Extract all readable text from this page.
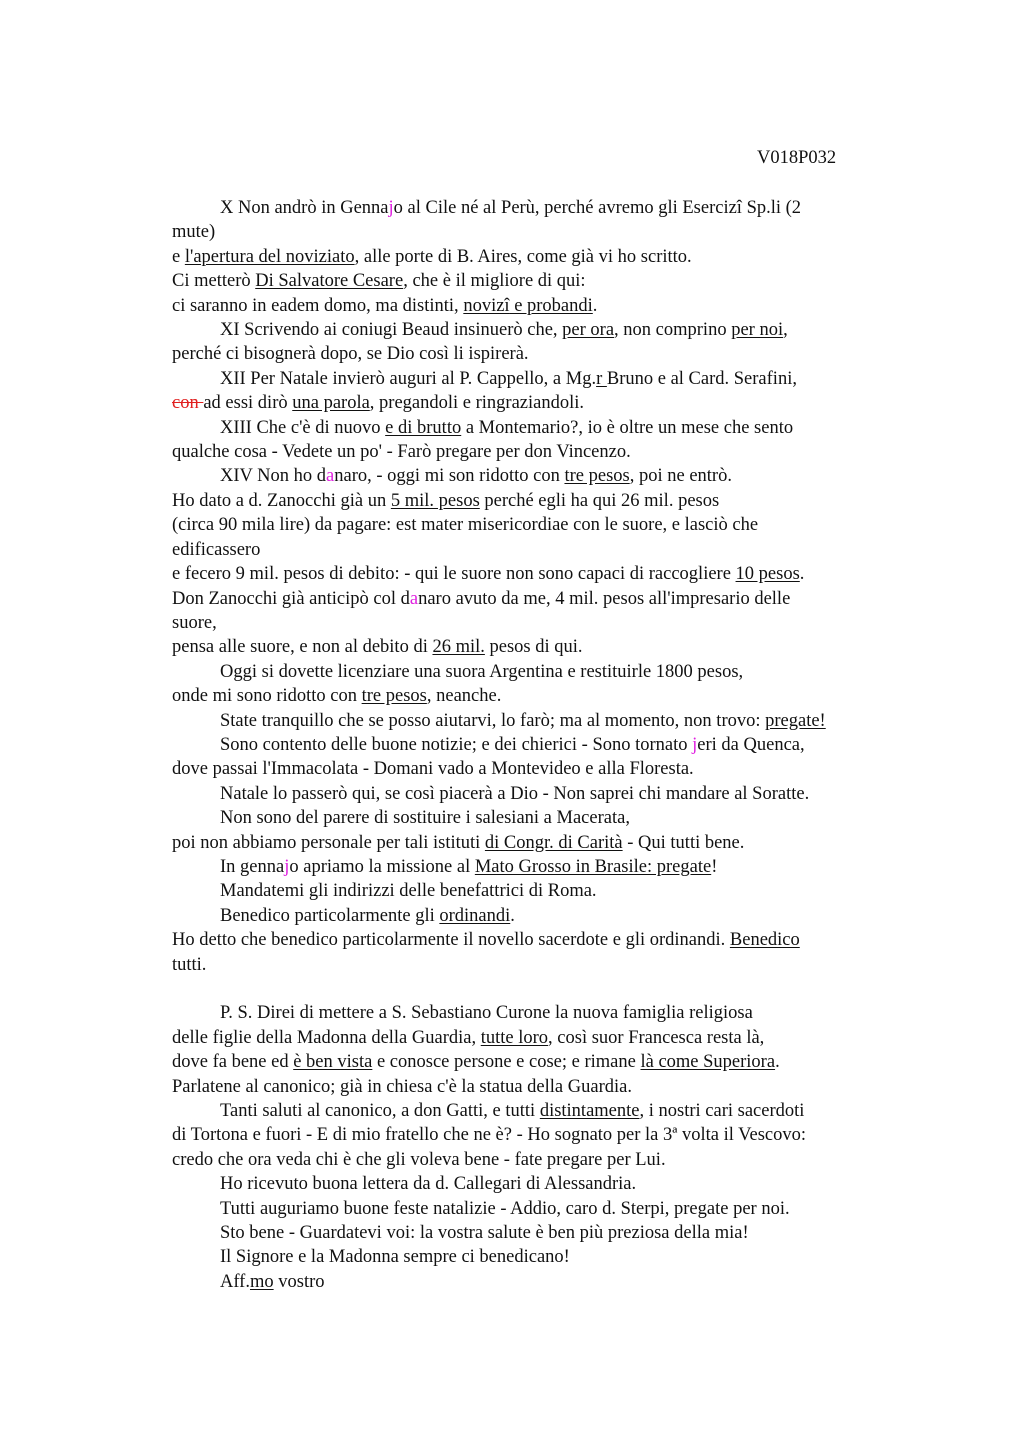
V018P032

X Non andrò in Gennajo al Cile né al Perù, perché avremo gli Esercizi Sp.li (2

mute)

e l'apertura del noviziato, alle porte di B. Aires, come già vi ho scritto.

Ci metterò Di Salvatore Cesare, che è il migliore di qui:

ci saranno in eadem domo, ma distinti, novizi e probandi.

XI Scrivendo ai coniugi Beaud insinuerò che, per ora, non comprino per noi,

perché ci bisognerà dopo, se Dio così li ispirerà.

XII Per Natale invierò auguri al P. Cappello, a Mg.r Bruno e al Card. Serafini,

con ad essi dirò una parola, pregandoli e ringraziandoli.

XIII Che c'è di nuovo e di brutto a Montemario?, io è oltre un mese che sento

qualche cosa - Vedete un po' - Farò pregare per don Vincenzo.

XIV Non ho danaro, - oggi mi son ridotto con tre pesos, poi ne entrò.

Ho dato a d. Zanocchi già un 5 mil. pesos perché egli ha qui 26 mil. pesos

(circa 90 mila lire) da pagare: est mater misericordiae con le suore, e lasciò che

edificassero

e fecero 9 mil. pesos di debito: - qui le suore non sono capaci di raccogliere 10 pesos.

Don Zanocchi già anticipò col danaro avuto da me, 4 mil. pesos all'impresario delle

suore,

pensa alle suore, e non al debito di 26 mil. pesos di qui.

Oggi si dovette licenziare una suora Argentina e restituirle 1800 pesos,

onde mi sono ridotto con tre pesos, neanche.

State tranquillo che se posso aiutarvi, lo farò; ma al momento, non trovo: pregate!

Sono contento delle buone notizie; e dei chierici - Sono tornato jeri da Quenca,

dove passai l'Immacolata - Domani vado a Montevideo e alla Floresta.

Natale lo passerò qui, se così piacerà a Dio - Non saprei chi mandare al Soratte.

Non sono del parere di sostituire i salesiani a Macerata,

poi non abbiamo personale per tali istituti di Congr. di Carità - Qui tutti bene.

In gennajo apriamo la missione al Mato Grosso in Brasile: pregate!

Mandatemi gli indirizzi delle benefattrici di Roma.

Benedico particolarmente gli ordinandi.

Ho detto che benedico particolarmente il novello sacerdote e gli ordinandi. Benedico

tutti.

P. S. Direi di mettere a S. Sebastiano Curone la nuova famiglia religiosa

delle figlie della Madonna della Guardia, tutte loro, così suor Francesca resta là,

dove fa bene ed è ben vista e conosce persone e cose; e rimane là come Superiora.

Parlatene al canonico; già in chiesa c'è la statua della Guardia.

Tanti saluti al canonico, a don Gatti, e tutti distintamente, i nostri cari sacerdoti

di Tortona e fuori - E di mio fratello che ne è? - Ho sognato per la 3ª volta il Vescovo:

credo che ora veda chi è che gli voleva bene - fate pregare per Lui.

Ho ricevuto buona lettera da d. Callegari di Alessandria.

Tutti auguriamo buone feste natalizie - Addio, caro d. Sterpi, pregate per noi.

Sto bene - Guardatevi voi: la vostra salute è ben più preziosa della mia!

Il Signore e la Madonna sempre ci benedicano!

Aff.mo vostro
